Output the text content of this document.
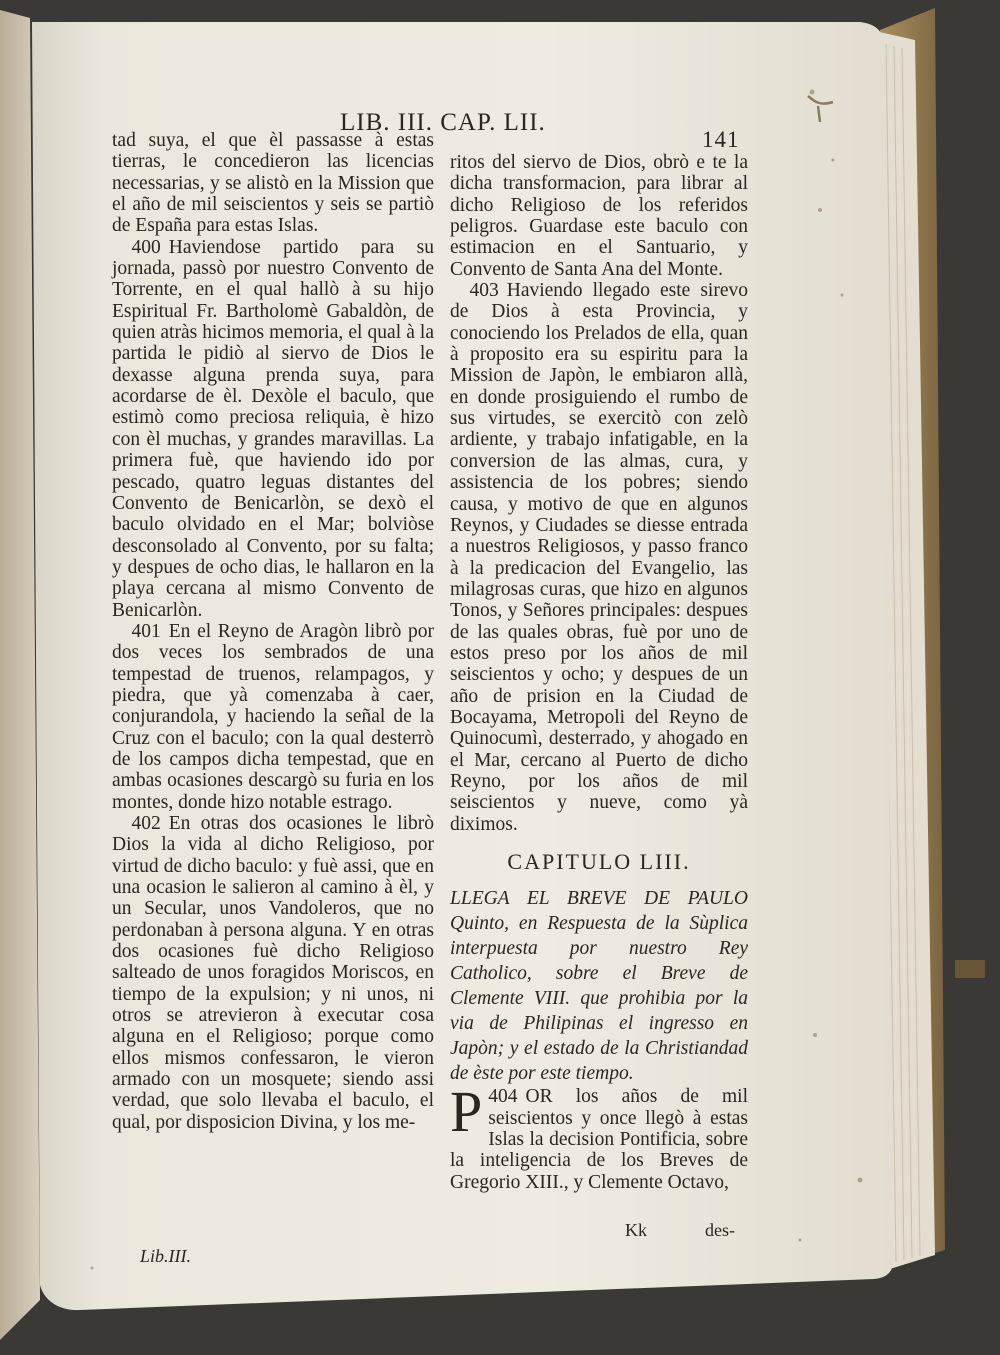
LIB. III. CAP. LII.
141

tad suya, el que èl passasse à estas tierras, le concedieron las licencias necessarias, y se alistò en la Mission que el año de mil seiscientos y seis se partiò de España para estas Islas.

 400 Haviendose partido para su jornada, passò por nuestro Convento de Torrente, en el qual hallò à su hijo Espiritual Fr. Bartholomè Gabaldòn, de quien atràs hicimos memoria, el qual à la partida le pidiò al siervo de Dios le dexasse alguna prenda suya, para acordarse de èl. Dexòle el baculo, que estimò como preciosa reliquia, è hizo con èl muchas, y grandes maravillas. La primera fuè, que haviendo ido por pescado, quatro leguas distantes del Convento de Benicarlòn, se dexò el baculo olvidado en el Mar; bolviòse desconsolado al Convento, por su falta; y despues de ocho dias, le hallaron en la playa cercana al mismo Convento de Benicarlòn.

 401 En el Reyno de Aragòn librò por dos veces los sembrados de una tempestad de truenos, relampagos, y piedra, que yà comenzaba à caer, conjurandola, y haciendo la señal de la Cruz con el baculo; con la qual desterrò de los campos dicha tempestad, que en ambas ocasiones descargò su furia en los montes, donde hizo notable estrago.

 402 En otras dos ocasiones le librò Dios la vida al dicho Religioso, por virtud de dicho baculo: y fuè assi, que en una ocasion le salieron al camino à èl, y un Secular, unos Vandoleros, que no perdonaban à persona alguna. Y en otras dos ocasiones fuè dicho Religioso salteado de unos foragidos Moriscos, en tiempo de la expulsion; y ni unos, ni otros se atrevieron à executar cosa alguna en el Religioso; porque como ellos mismos confessaron, le vieron armado con un mosquete; siendo assi verdad, que solo llevaba el baculo, el qual, por disposicion Divina, y los me-

ritos del siervo de Dios, obrò e te la dicha transformacion, para librar al dicho Religioso de los referidos peligros. Guardase este baculo con estimacion en el Santuario, y Convento de Santa Ana del Monte.

 403 Haviendo llegado este sirevo de Dios à esta Provincia, y conociendo los Prelados de ella, quan à proposito era su espiritu para la Mission de Japòn, le embiaron allà, en donde prosiguiendo el rumbo de sus virtudes, se exercitò con zelò ardiente, y trabajo infatigable, en la conversion de las almas, cura, y assistencia de los pobres; siendo causa, y motivo de que en algunos Reynos, y Ciudades se diesse entrada a nuestros Religiosos, y passo franco à la predicacion del Evangelio, las milagrosas curas, que hizo en algunos Tonos, y Señores principales: despues de las quales obras, fuè por uno de estos preso por los años de mil seiscientos y ocho; y despues de un año de prision en la Ciudad de Bocayama, Metropoli del Reyno de Quinocumì, desterrado, y ahogado en el Mar, cercano al Puerto de dicho Reyno, por los años de mil seiscientos y nueve, como yà diximos.

CAPITULO LIII.

LLEGA EL BREVE DE PAULO Quinto, en Respuesta de la Sùplica interpuesta por nuestro Rey Catholico, sobre el Breve de Clemente VIII. que prohibia por la via de Philipinas el ingresso en Japòn; y el estado de la Christiandad de èste por este tiempo.

404
P OR los años de mil seiscientos y once llegò à estas Islas la decision Pontificia, sobre la inteligencia de los Breves de Gregorio XIII., y Clemente Octavo,

Lib.III.
Kk	des-
